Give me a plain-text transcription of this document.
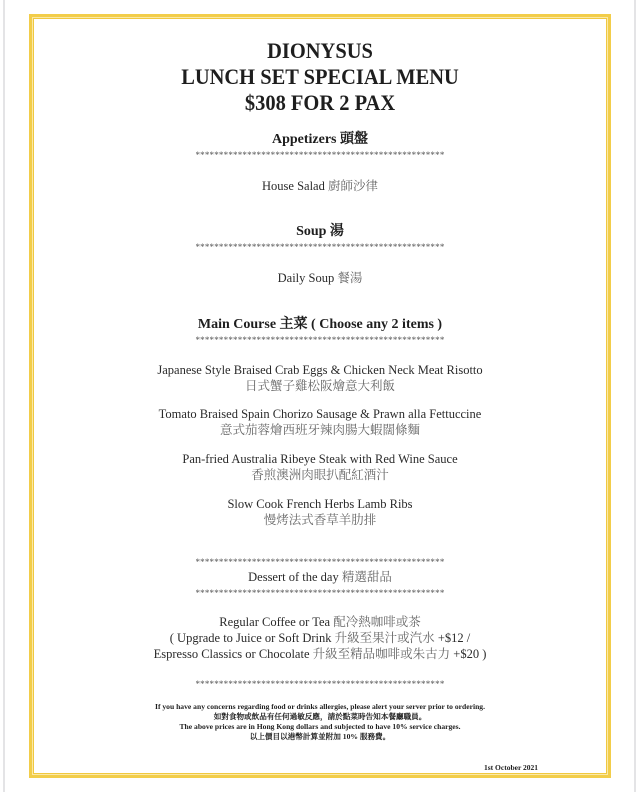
DIONYSUS
LUNCH SET SPECIAL MENU
$308 FOR 2 PAX
Appetizers 頭盤
*****************************************************
House Salad 廚師沙律
Soup 湯
*****************************************************
Daily Soup 餐湯
Main Course 主菜 ( Choose any 2 items )
*****************************************************
Japanese Style Braised Crab Eggs & Chicken Neck Meat Risotto
日式蟹子雞松阪燴意大利飯
Tomato Braised Spain Chorizo Sausage & Prawn alla Fettuccine
意式茄蓉燴西班牙辣肉腸大蝦闊條麵
Pan-fried Australia Ribeye Steak with Red Wine Sauce
香煎澳洲肉眼扒配紅酒汁
Slow Cook French Herbs Lamb Ribs
慢烤法式香草羊肋排
*****************************************************
Dessert of the day 精選甜品
*****************************************************
Regular Coffee or Tea 配冷熱咖啡或茶
( Upgrade to Juice or Soft Drink 升級至果汁或汽水 +$12 /
Espresso Classics or Chocolate 升級至精品咖啡或朱古力 +$20 )
*****************************************************
If you have any concerns regarding food or drinks allergies, please alert your server prior to ordering.
如對食物或飲品有任何過敏反應，請於點菜時告知本餐廳職員。
The above prices are in Hong Kong dollars and subjected to have 10% service charges.
以上價目以港幣計算並附加 10% 服務費。
1st October 2021
